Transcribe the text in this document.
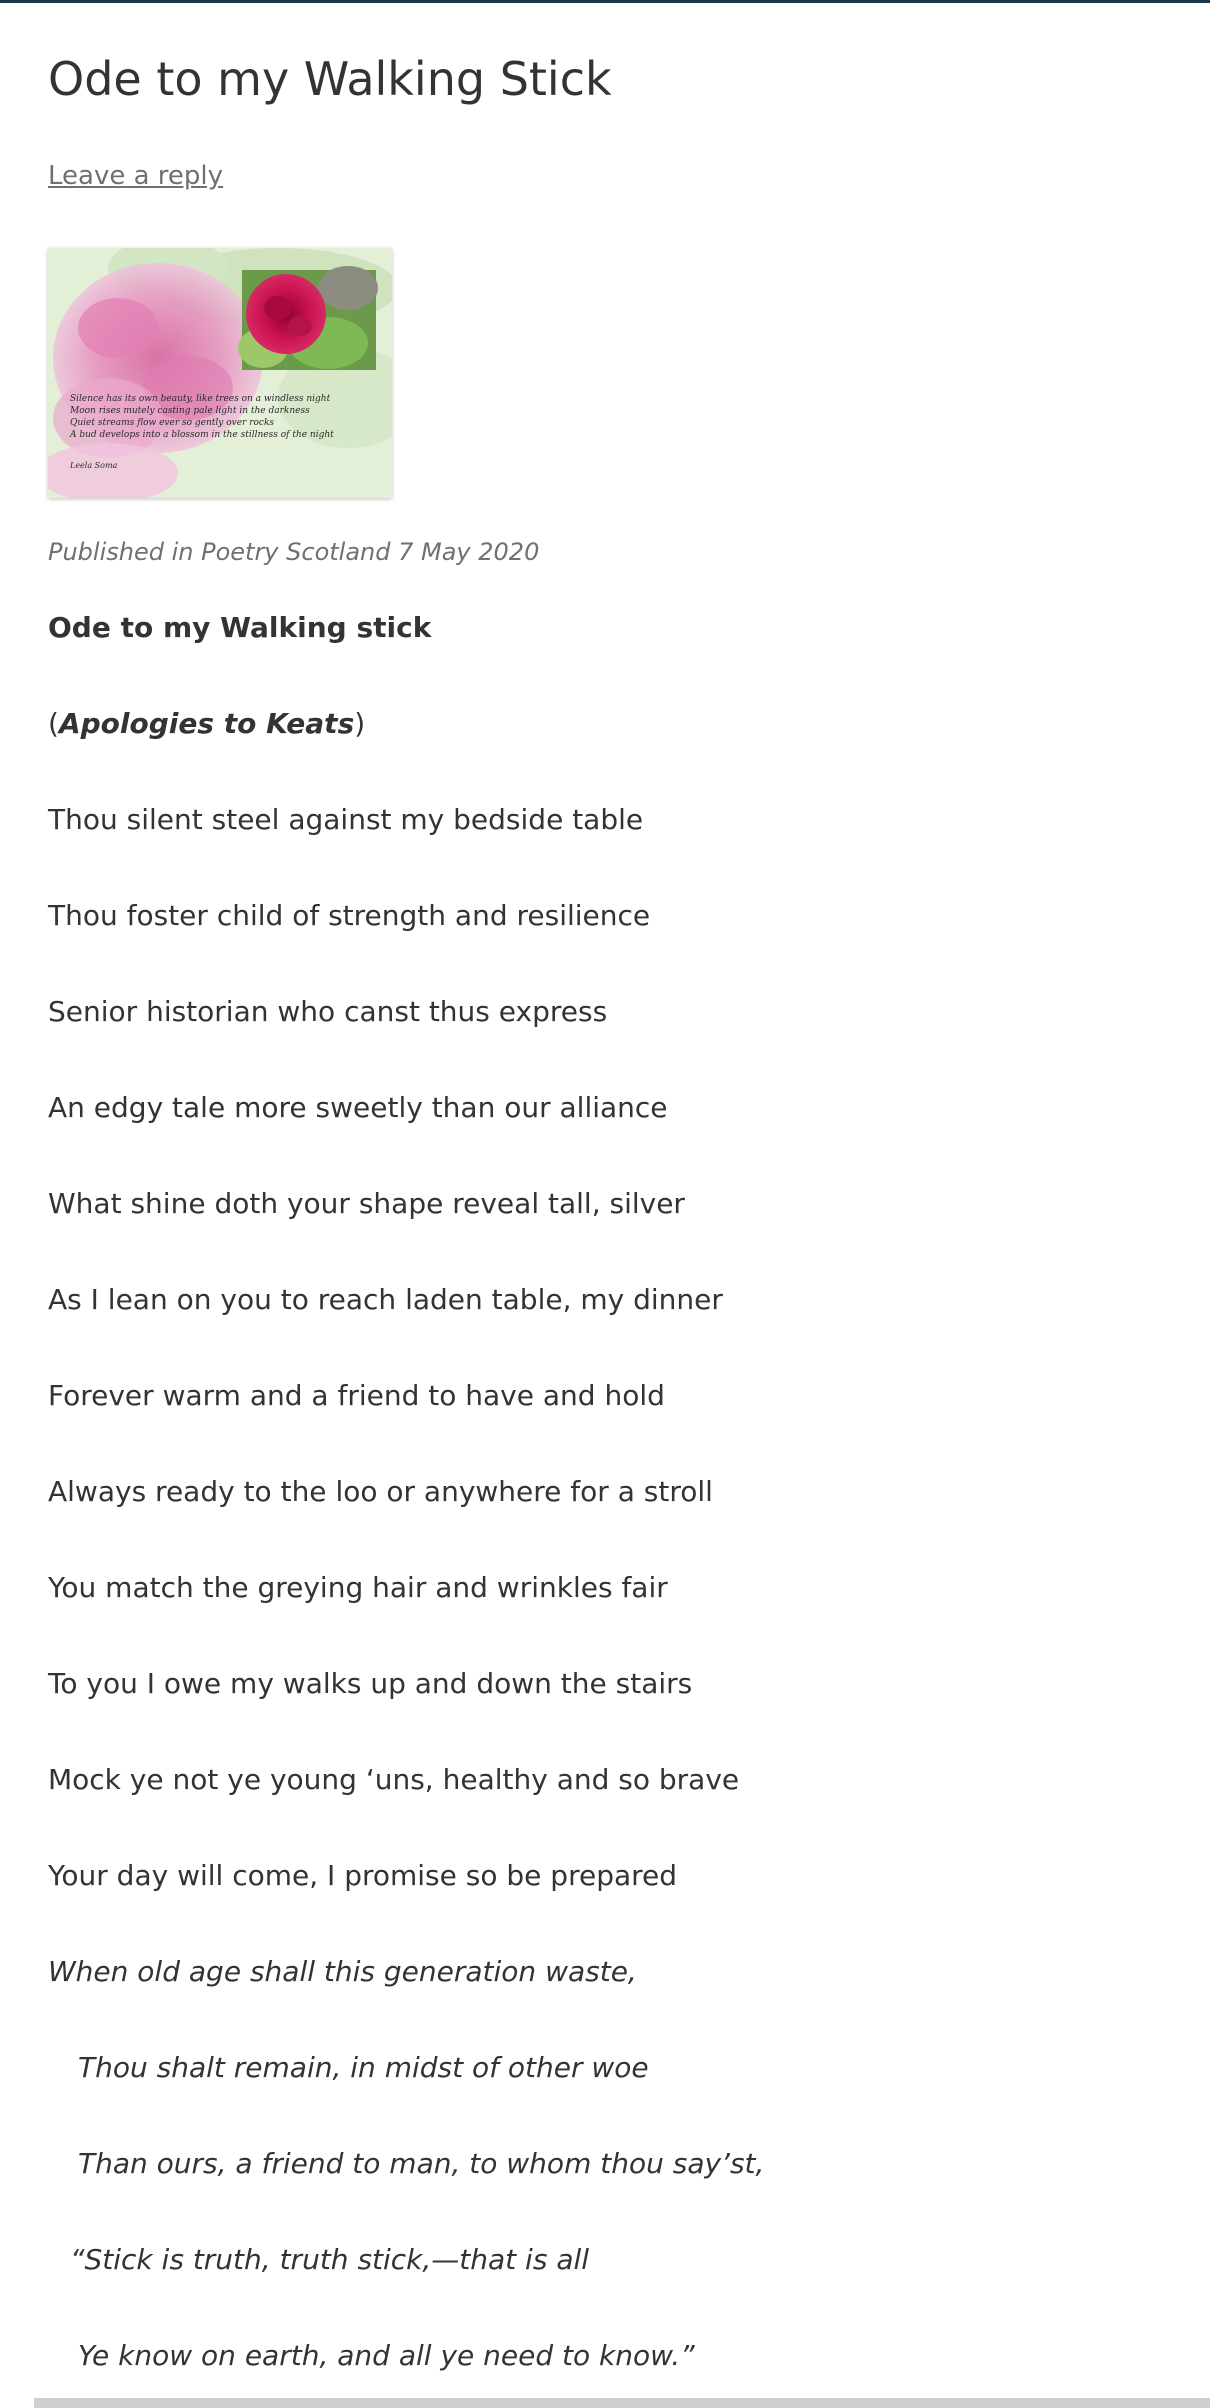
Ode to my Walking Stick
Leave a reply
Silence has its own beauty, like trees on a windless night
Moon rises mutely casting pale light in the darkness
Quiet streams flow ever so gently over rocks
A bud develops into a blossom in the stillness of the night
Leela Soma
Published in Poetry Scotland 7 May 2020
Ode to my Walking stick
(Apologies to Keats)
Thou silent steel against my bedside table
Thou foster child of strength and resilience
Senior historian who canst thus express
An edgy tale more sweetly than our alliance
What shine doth your shape reveal tall, silver
As I lean on you to reach laden table, my dinner
Forever warm and a friend to have and hold
Always ready to the loo or anywhere for a stroll
You match the greying hair and wrinkles fair
To you I owe my walks up and down the stairs
Mock ye not ye young ‘uns, healthy and so brave
Your day will come, I promise so be prepared
When old age shall this generation waste,
Thou shalt remain, in midst of other woe
Than ours, a friend to man, to whom thou say’st,
“Stick is truth, truth stick,—that is all
Ye know on earth, and all ye need to know.”
